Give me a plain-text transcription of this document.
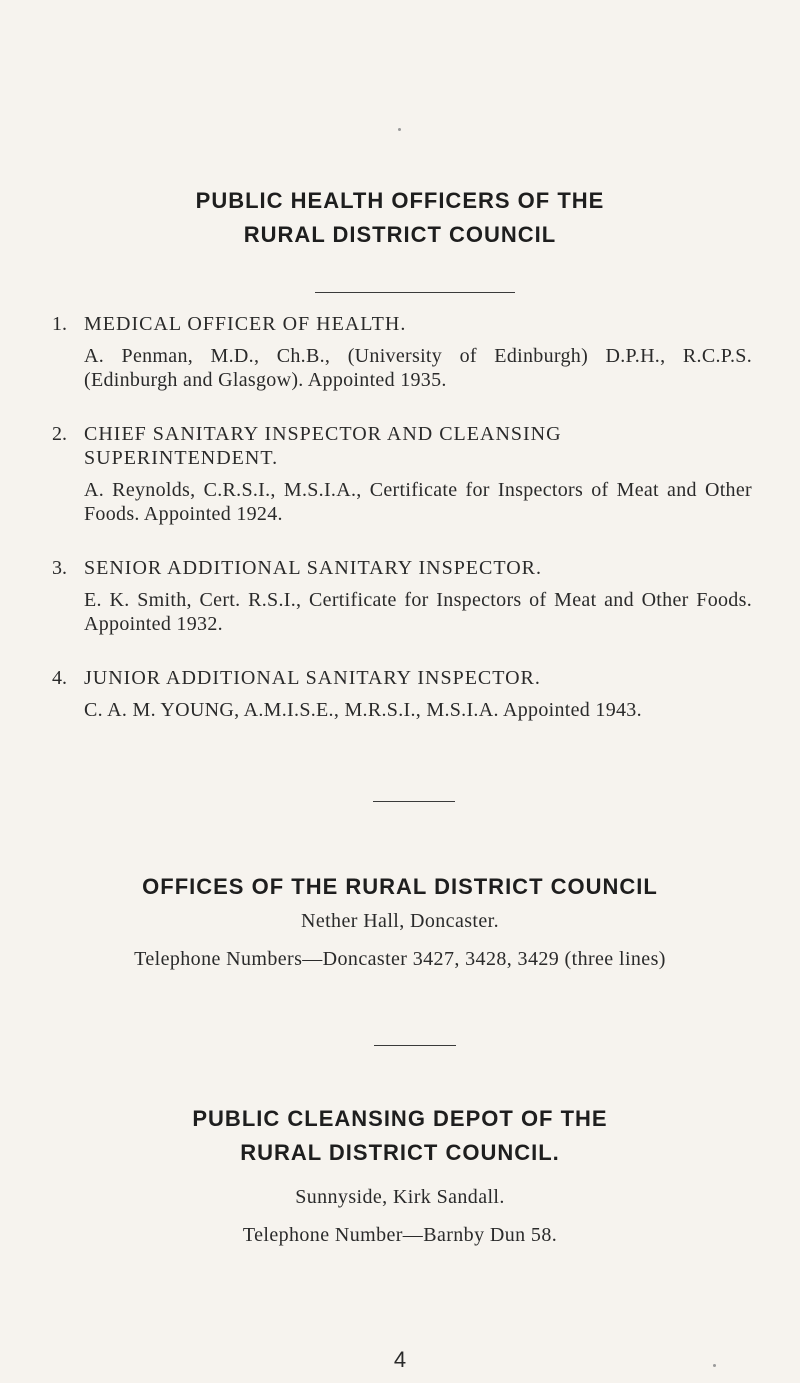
PUBLIC HEALTH OFFICERS OF THE
RURAL DISTRICT COUNCIL
1. MEDICAL OFFICER OF HEALTH.
A. Penman, M.D., Ch.B., (University of Edinburgh) D.P.H., R.C.P.S. (Edinburgh and Glasgow). Appointed 1935.
2. CHIEF SANITARY INSPECTOR AND CLEANSING SUPERINTENDENT.
A. Reynolds, C.R.S.I., M.S.I.A., Certificate for Inspectors of Meat and Other Foods. Appointed 1924.
3. SENIOR ADDITIONAL SANITARY INSPECTOR.
E. K. Smith, Cert. R.S.I., Certificate for Inspectors of Meat and Other Foods. Appointed 1932.
4. JUNIOR ADDITIONAL SANITARY INSPECTOR.
C. A. M. YOUNG, A.M.I.S.E., M.R.S.I., M.S.I.A. Appointed 1943.
OFFICES OF THE RURAL DISTRICT COUNCIL
Nether Hall, Doncaster.
Telephone Numbers—Doncaster 3427, 3428, 3429 (three lines)
PUBLIC CLEANSING DEPOT OF THE
RURAL DISTRICT COUNCIL.
Sunnyside, Kirk Sandall.
Telephone Number—Barnby Dun 58.
4
